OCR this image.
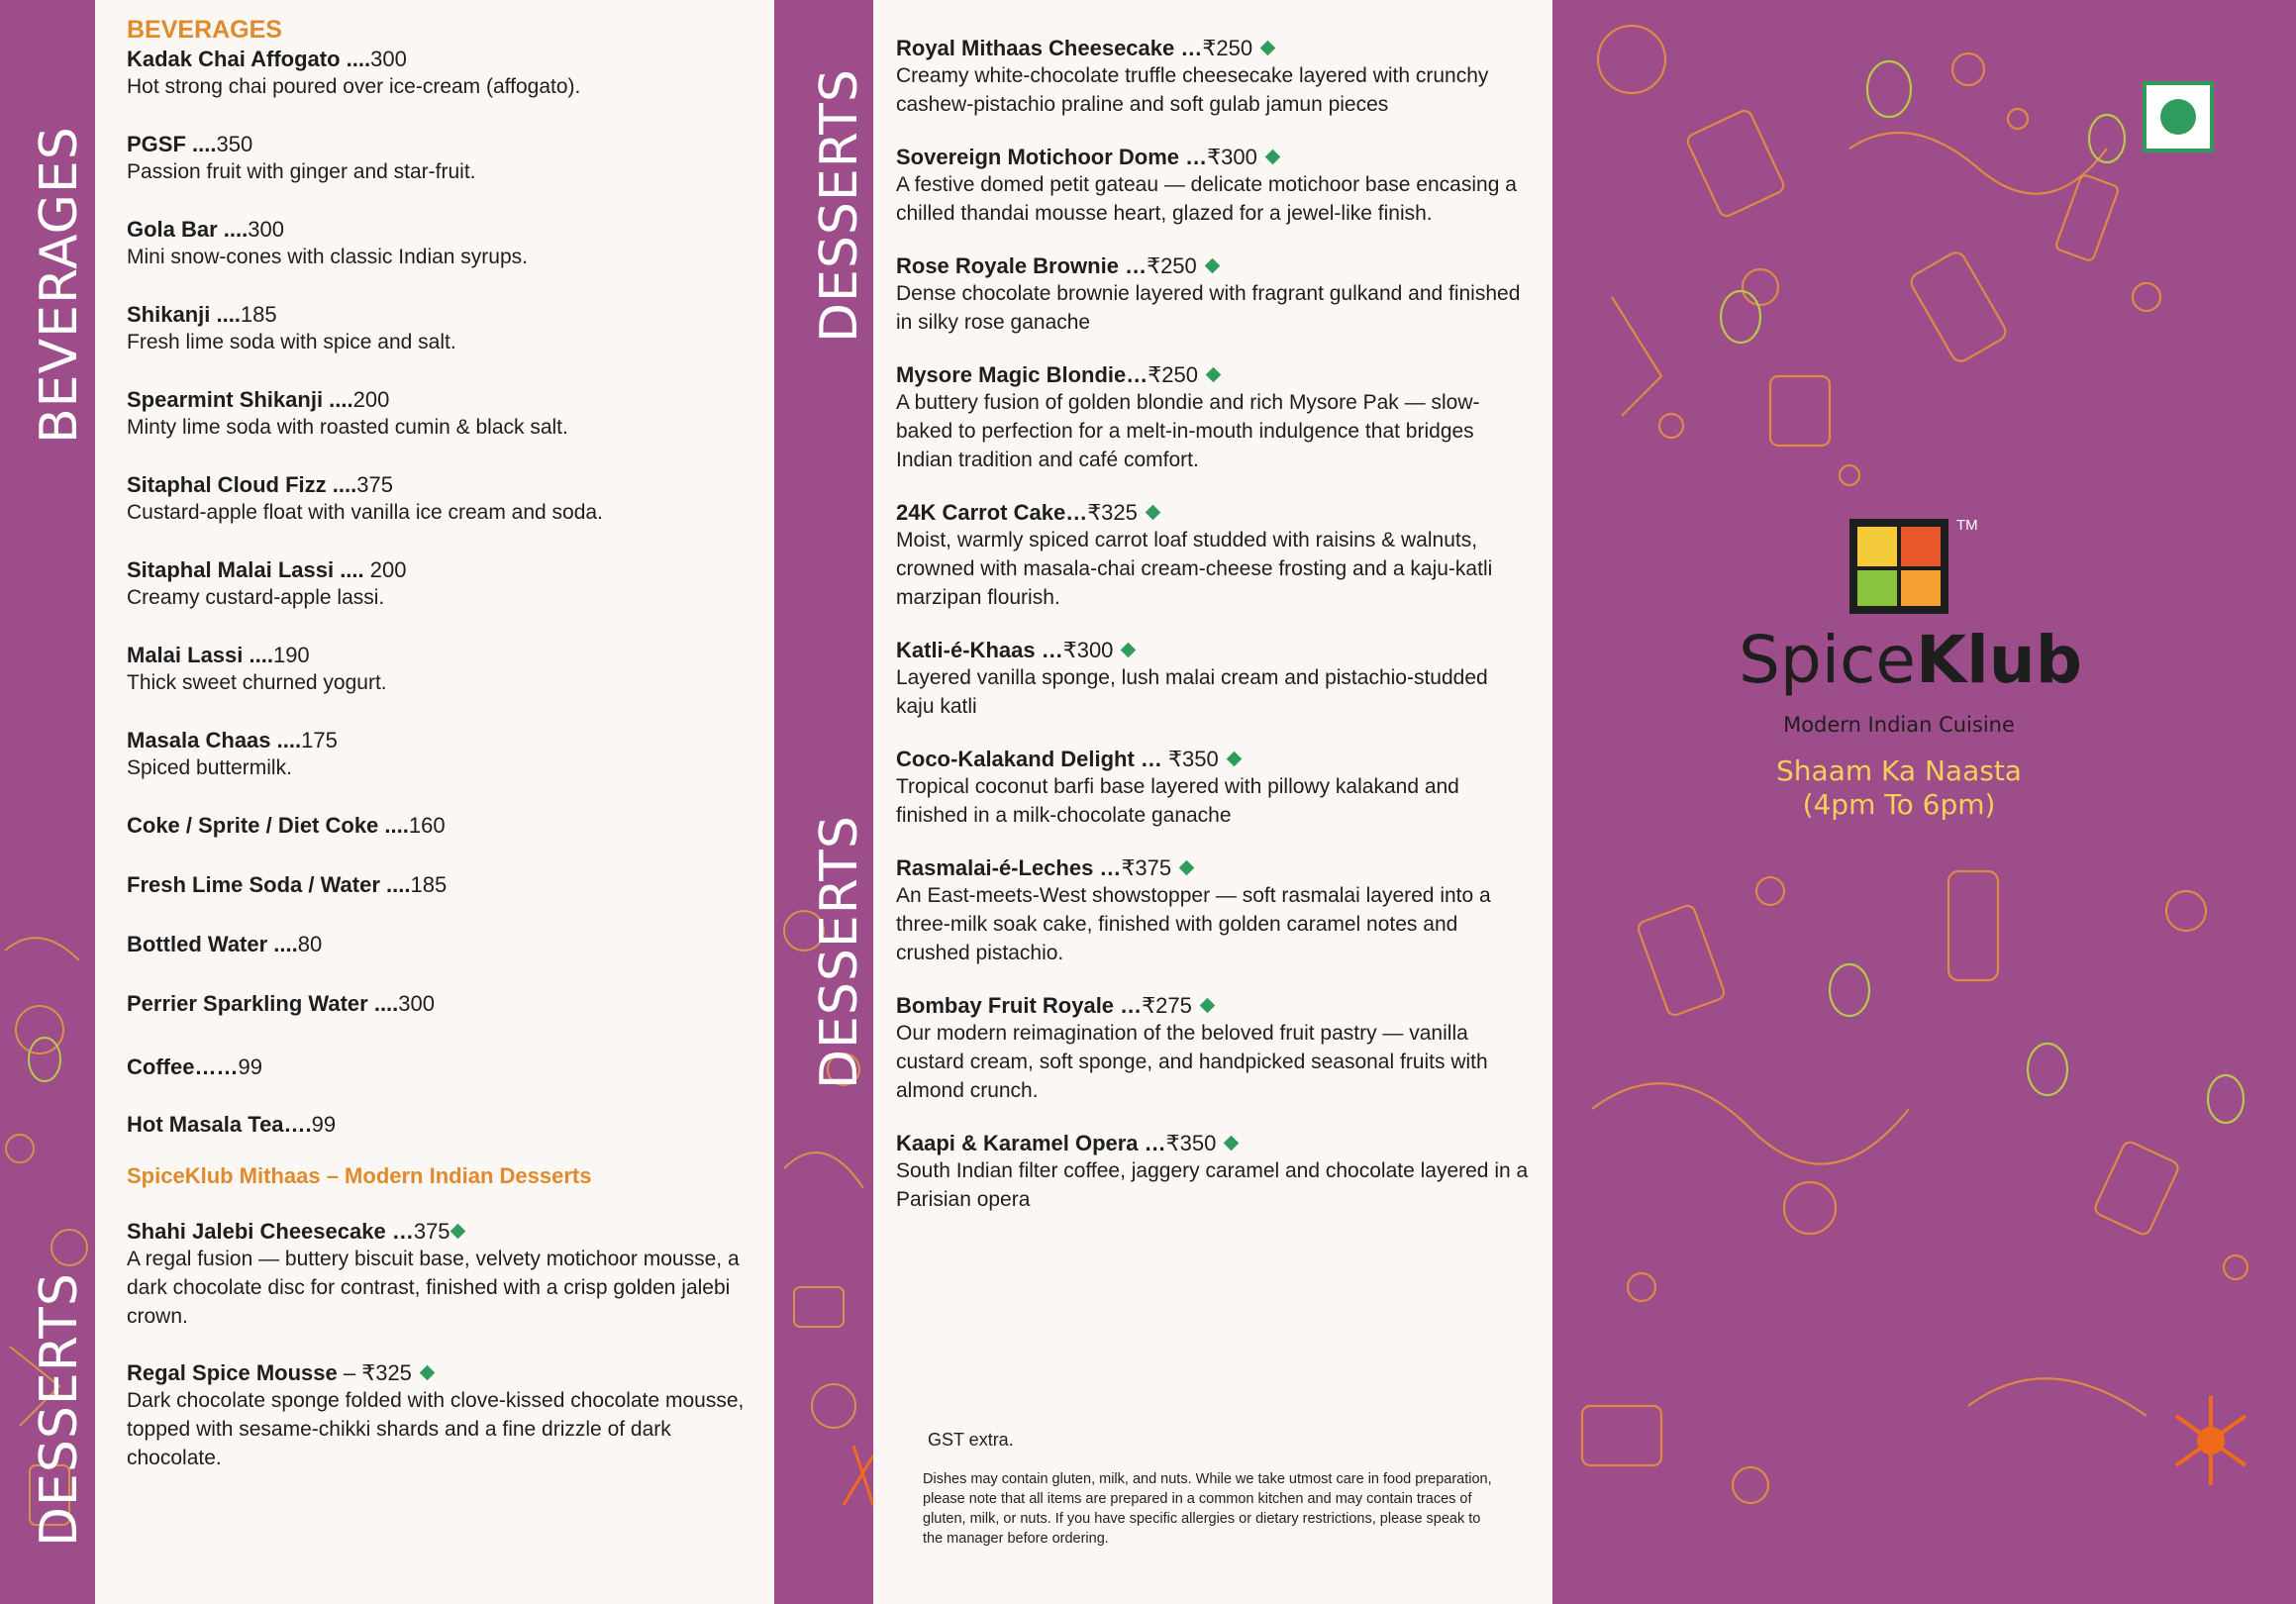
BEVERAGES
DESSERTS
DESSERTS
DESSERTS
BEVERAGES
Kadak Chai Affogato ....300
Hot strong chai poured over ice-cream (affogato).
PGSF ....350
Passion fruit with ginger and star-fruit.
Gola Bar ....300
Mini snow-cones with classic Indian syrups.
Shikanji ....185
Fresh lime soda with spice and salt.
Spearmint Shikanji ....200
Minty lime soda with roasted cumin & black salt.
Sitaphal Cloud Fizz ....375
Custard-apple float with vanilla ice cream and soda.
Sitaphal Malai Lassi .... 200
Creamy custard-apple lassi.
Malai Lassi ....190
Thick sweet churned yogurt.
Masala Chaas ....175
Spiced buttermilk.
Coke / Sprite / Diet Coke ....160
Fresh Lime Soda / Water ....185
Bottled Water ....80
Perrier Sparkling Water ....300
Coffee……99
Hot Masala Tea….99
SpiceKlub Mithaas – Modern Indian Desserts
Shahi Jalebi Cheesecake …375
A regal fusion — buttery biscuit base, velvety motichoor mousse, a dark chocolate disc for contrast, finished with a crisp golden jalebi crown.
Regal Spice Mousse – ₹325
Dark chocolate sponge folded with clove-kissed chocolate mousse, topped with sesame-chikki shards and a fine drizzle of dark chocolate.
Royal Mithaas Cheesecake …₹250
Creamy white-chocolate truffle cheesecake layered with crunchy cashew-pistachio praline and soft gulab jamun pieces
Sovereign Motichoor Dome …₹300
A festive domed petit gateau — delicate motichoor base encasing a chilled thandai mousse heart, glazed for a jewel-like finish.
Rose Royale Brownie …₹250
Dense chocolate brownie layered with fragrant gulkand and finished in silky rose ganache
Mysore Magic Blondie…₹250
A buttery fusion of golden blondie and rich Mysore Pak — slow-baked to perfection for a melt-in-mouth indulgence that bridges Indian tradition and café comfort.
24K Carrot Cake…₹325
Moist, warmly spiced carrot loaf studded with raisins & walnuts, crowned with masala-chai cream-cheese frosting and a kaju-katli marzipan flourish.
Katli-é-Khaas …₹300
Layered vanilla sponge, lush malai cream and pistachio-studded kaju katli
Coco-Kalakand Delight … ₹350
Tropical coconut barfi base layered with pillowy kalakand and finished in a milk-chocolate ganache
Rasmalai-é-Leches …₹375
An East-meets-West showstopper — soft rasmalai layered into a three-milk soak cake, finished with golden caramel notes and crushed pistachio.
Bombay Fruit Royale …₹275
Our modern reimagination of the beloved fruit pastry — vanilla custard cream, soft sponge, and handpicked seasonal fruits with almond crunch.
Kaapi & Karamel Opera …₹350
South Indian filter coffee, jaggery caramel and chocolate layered in a Parisian opera
GST extra.
Dishes may contain gluten, milk, and nuts. While we take utmost care in food preparation, please note that all items are prepared in a common kitchen and may contain traces of gluten, milk, or nuts. If you have specific allergies or dietary restrictions, please speak to the manager before ordering.
TM
SpiceKlub
Modern Indian Cuisine
Shaam Ka Naasta
(4pm To 6pm)
